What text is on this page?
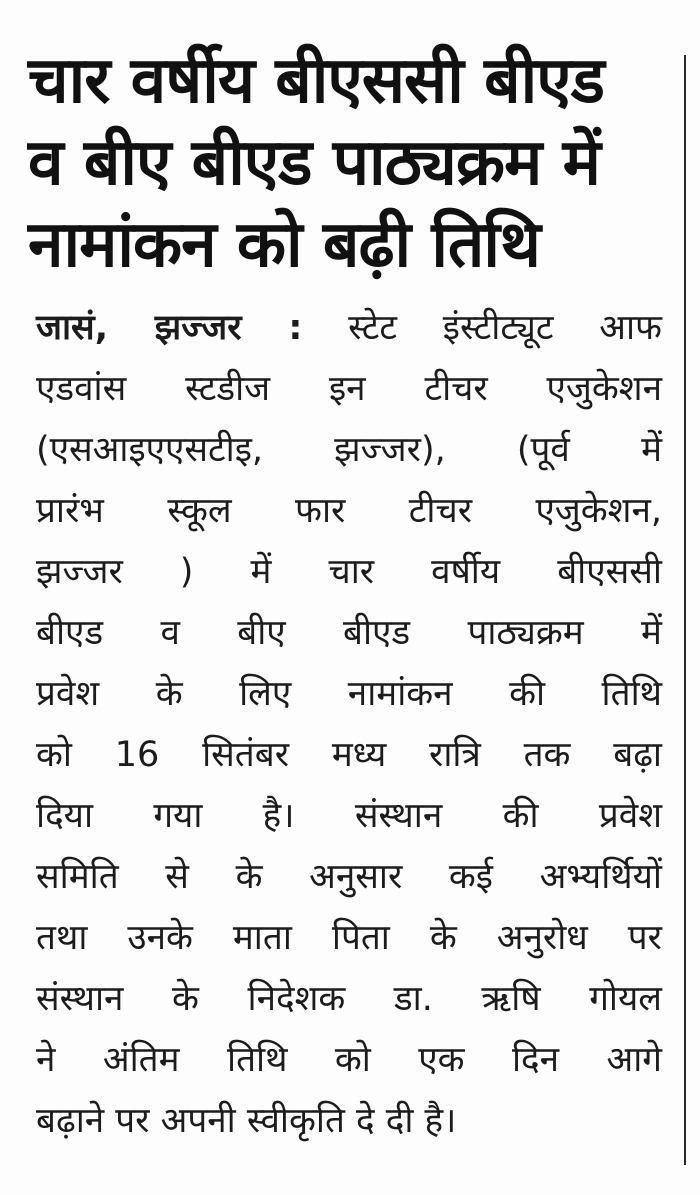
चार वर्षीय बीएससी बीएड
व बीए बीएड पाठ्यक्रम में
नामांकन को बढ़ी तिथि
जासं, झज्जर : स्टेट इंस्टीट्यूट आफ
एडवांस स्टडीज इन टीचर एजुकेशन
(एसआइएएसटीइ, झज्जर), (पूर्व में
प्रारंभ स्कूल फार टीचर एजुकेशन,
झज्जर ) में चार वर्षीय बीएससी
बीएड व बीए बीएड पाठ्यक्रम में
प्रवेश के लिए नामांकन की तिथि
को 16 सितंबर मध्य रात्रि तक बढ़ा
दिया गया है। संस्थान की प्रवेश
समिति से के अनुसार कई अभ्यर्थियों
तथा उनके माता पिता के अनुरोध पर
संस्थान के निदेशक डा. ऋषि गोयल
ने अंतिम तिथि को एक दिन आगे
बढ़ाने पर अपनी स्वीकृति दे दी है।
